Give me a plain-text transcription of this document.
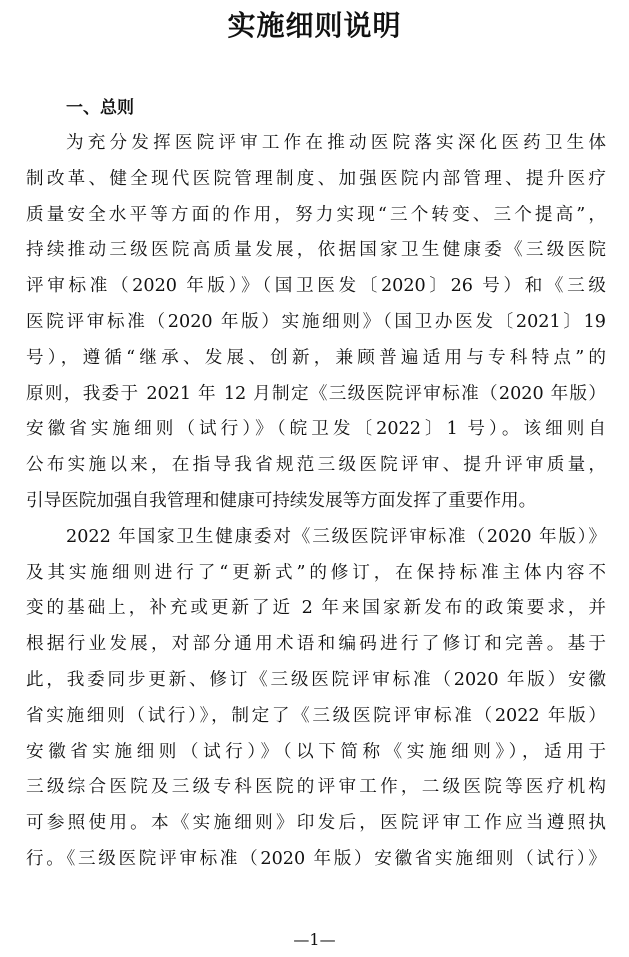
实施细则说明
一、总则
为充分发挥医院评审工作在推动医院落实深化医药卫生体
制改革、健全现代医院管理制度、加强医院内部管理、提升医疗
质量安全水平等方面的作用，努力实现“三个转变、三个提高”，
持续推动三级医院高质量发展，依据国家卫生健康委《三级医院
评审标准（2020 年版）》（国卫医发〔2020〕26 号）和《三级
医院评审标准（2020 年版）实施细则》（国卫办医发〔2021〕19
号），遵循“继承、发展、创新，兼顾普遍适用与专科特点”的
原则，我委于 2021 年 12 月制定《三级医院评审标准（2020 年版）
安徽省实施细则（试行）》（皖卫发〔2022〕1 号）。该细则自
公布实施以来，在指导我省规范三级医院评审、提升评审质量，
引导医院加强自我管理和健康可持续发展等方面发挥了重要作用。
2022 年国家卫生健康委对《三级医院评审标准（2020 年版）》
及其实施细则进行了“更新式”的修订，在保持标准主体内容不
变的基础上，补充或更新了近 2 年来国家新发布的政策要求，并
根据行业发展，对部分通用术语和编码进行了修订和完善。基于
此，我委同步更新、修订《三级医院评审标准（2020 年版）安徽
省实施细则（试行）》，制定了《三级医院评审标准（2022 年版）
安徽省实施细则（试行）》（以下简称《实施细则》），适用于
三级综合医院及三级专科医院的评审工作，二级医院等医疗机构
可参照使用。本《实施细则》印发后，医院评审工作应当遵照执
行。《三级医院评审标准（2020 年版）安徽省实施细则（试行）》
—1—
